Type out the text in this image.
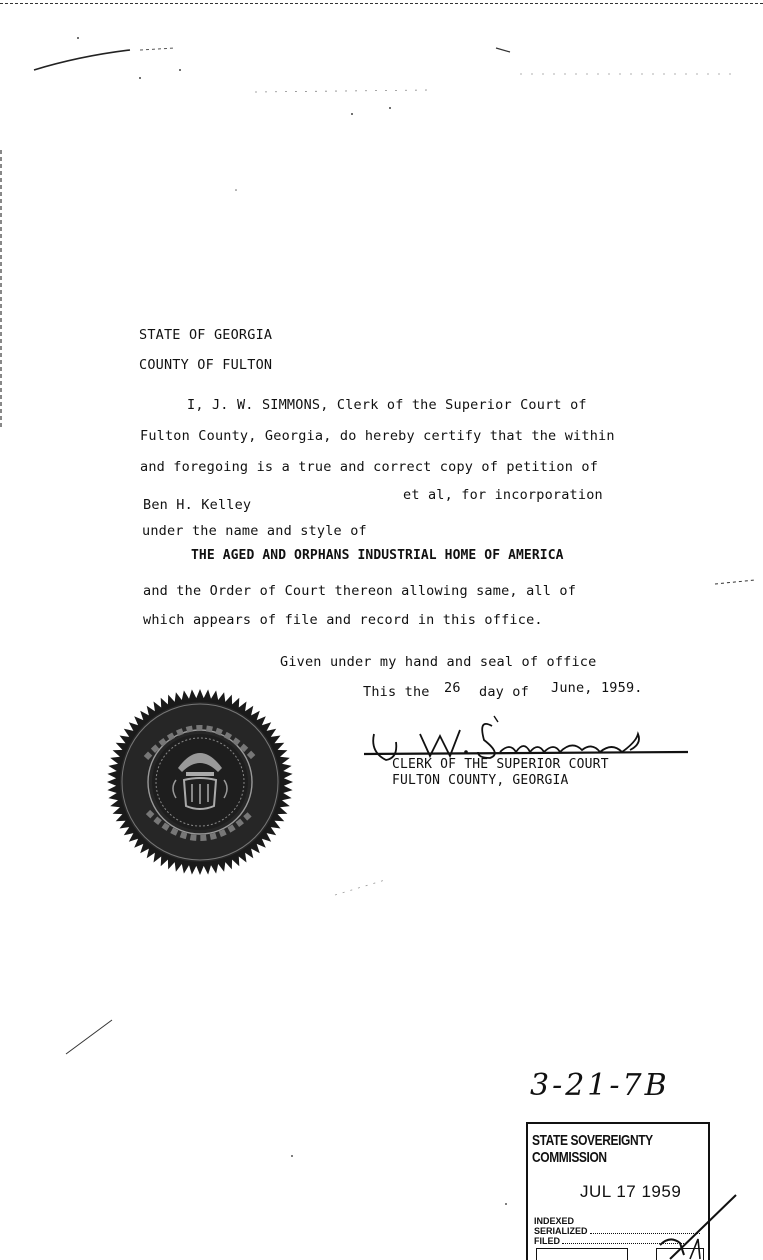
STATE OF GEORGIA
COUNTY OF FULTON
I, J. W. SIMMONS, Clerk of the Superior Court of
Fulton County, Georgia, do hereby certify that the within
and foregoing is a true and correct copy of petition of
Ben H. Kelley
et al, for incorporation
under the name and style of
THE AGED AND ORPHANS INDUSTRIAL HOME OF AMERICA
and the Order of Court thereon allowing same, all of
which appears of file and record in this office.
Given under my hand and seal of office
This the 26 day of June, 1959.
CLERK OF THE SUPERIOR COURT
FULTON COUNTY, GEORGIA
3-21-7B
STATE SOVEREIGNTY COMMISSION
JUL 17 1959
INDEXED
SERIALIZED
FILED
